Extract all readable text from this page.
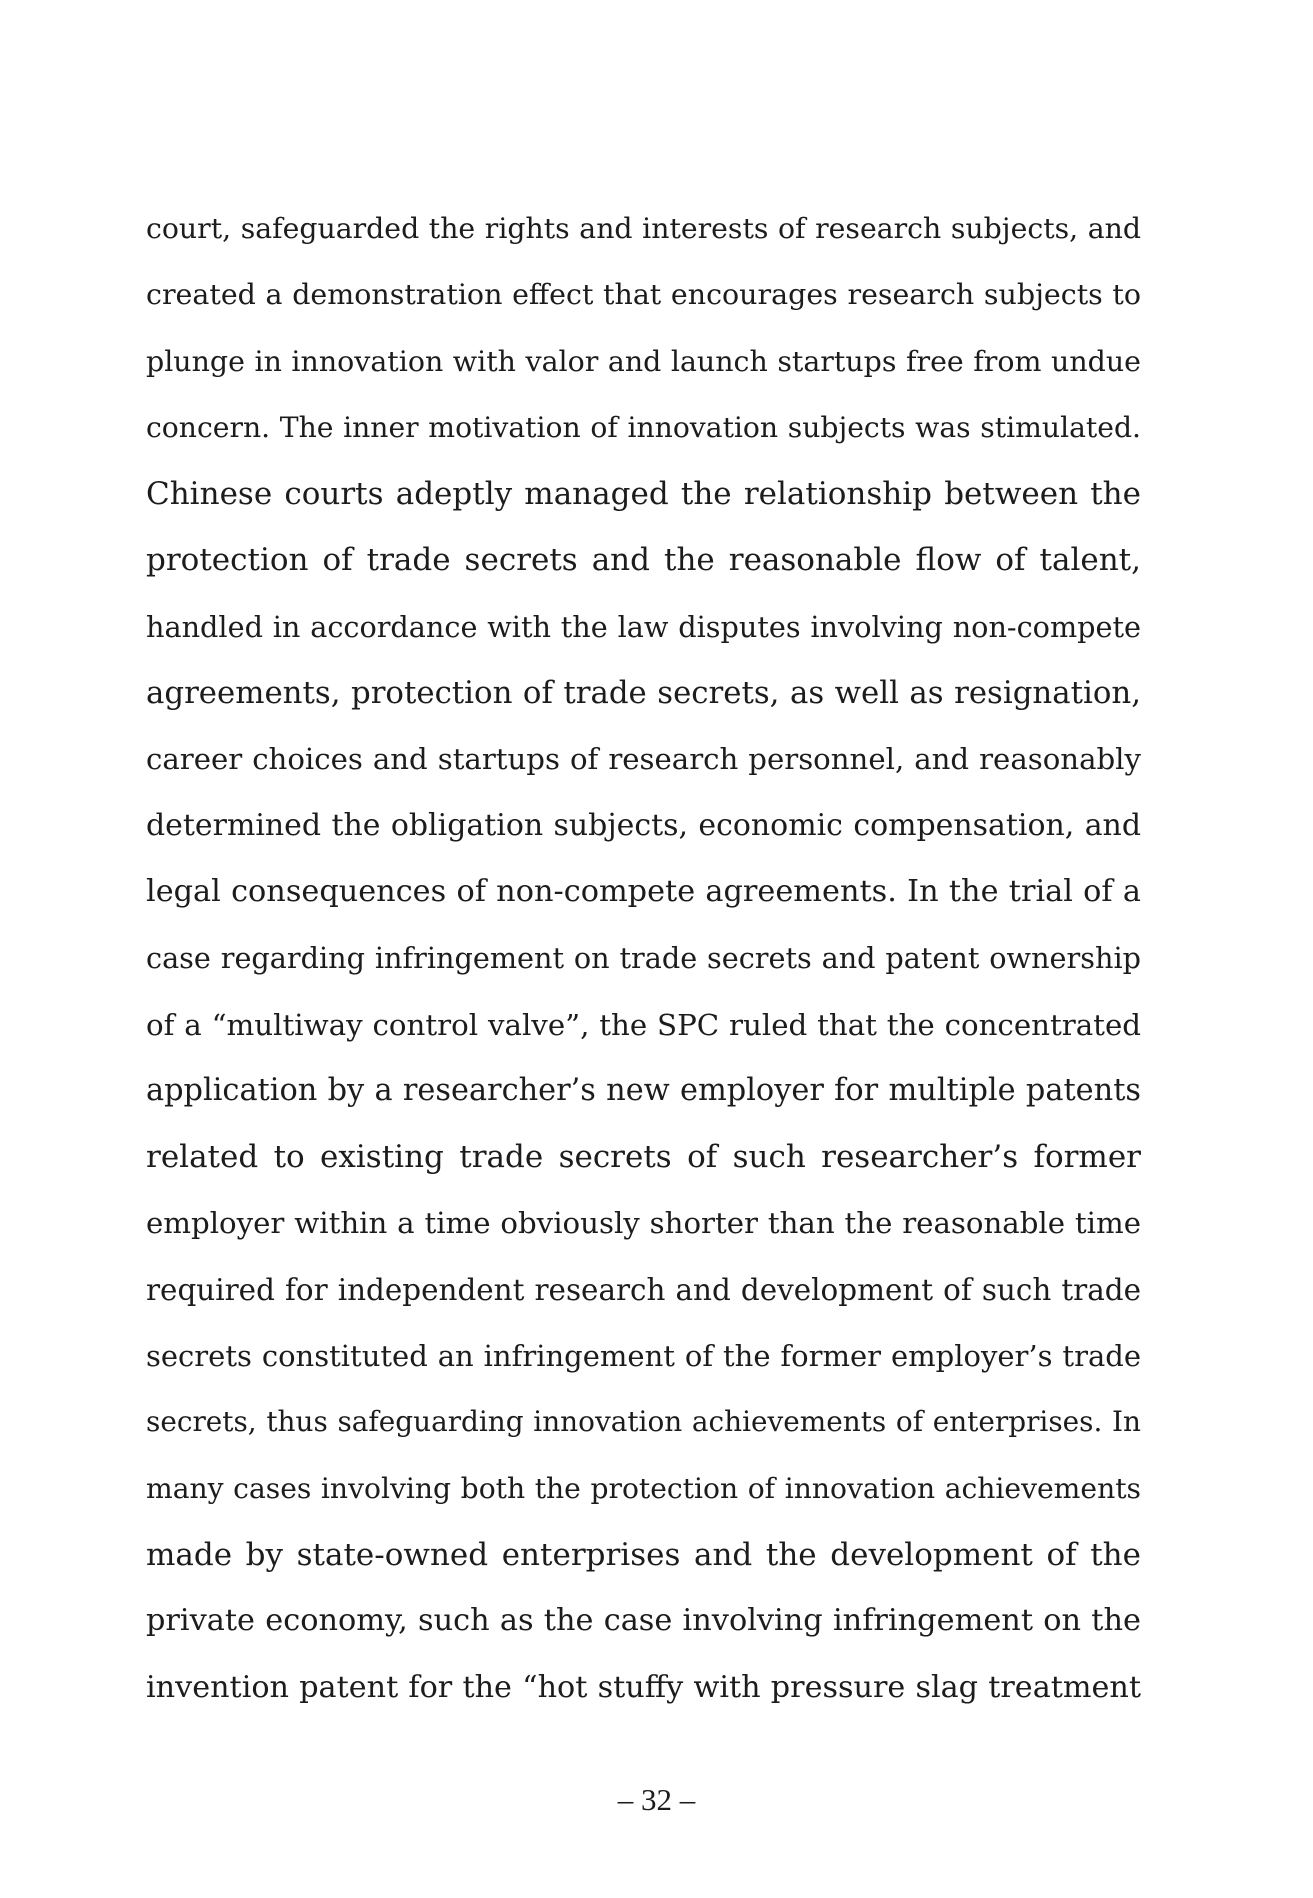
court, safeguarded the rights and interests of research subjects, and
created a demonstration effect that encourages research subjects to
plunge in innovation with valor and launch startups free from undue
concern. The inner motivation of innovation subjects was stimulated.
Chinese courts adeptly managed the relationship between the
protection of trade secrets and the reasonable flow of talent,
handled in accordance with the law disputes involving non-compete
agreements, protection of trade secrets, as well as resignation,
career choices and startups of research personnel, and reasonably
determined the obligation subjects, economic compensation, and
legal consequences of non-compete agreements. In the trial of a
case regarding infringement on trade secrets and patent ownership
of a “multiway control valve”, the SPC ruled that the concentrated
application by a researcher’s new employer for multiple patents
related to existing trade secrets of such researcher’s former
employer within a time obviously shorter than the reasonable time
required for independent research and development of such trade
secrets constituted an infringement of the former employer’s trade
secrets, thus safeguarding innovation achievements of enterprises. In
many cases involving both the protection of innovation achievements
made by state-owned enterprises and the development of the
private economy, such as the case involving infringement on the
invention patent for the “hot stuffy with pressure slag treatment
– 32 –
